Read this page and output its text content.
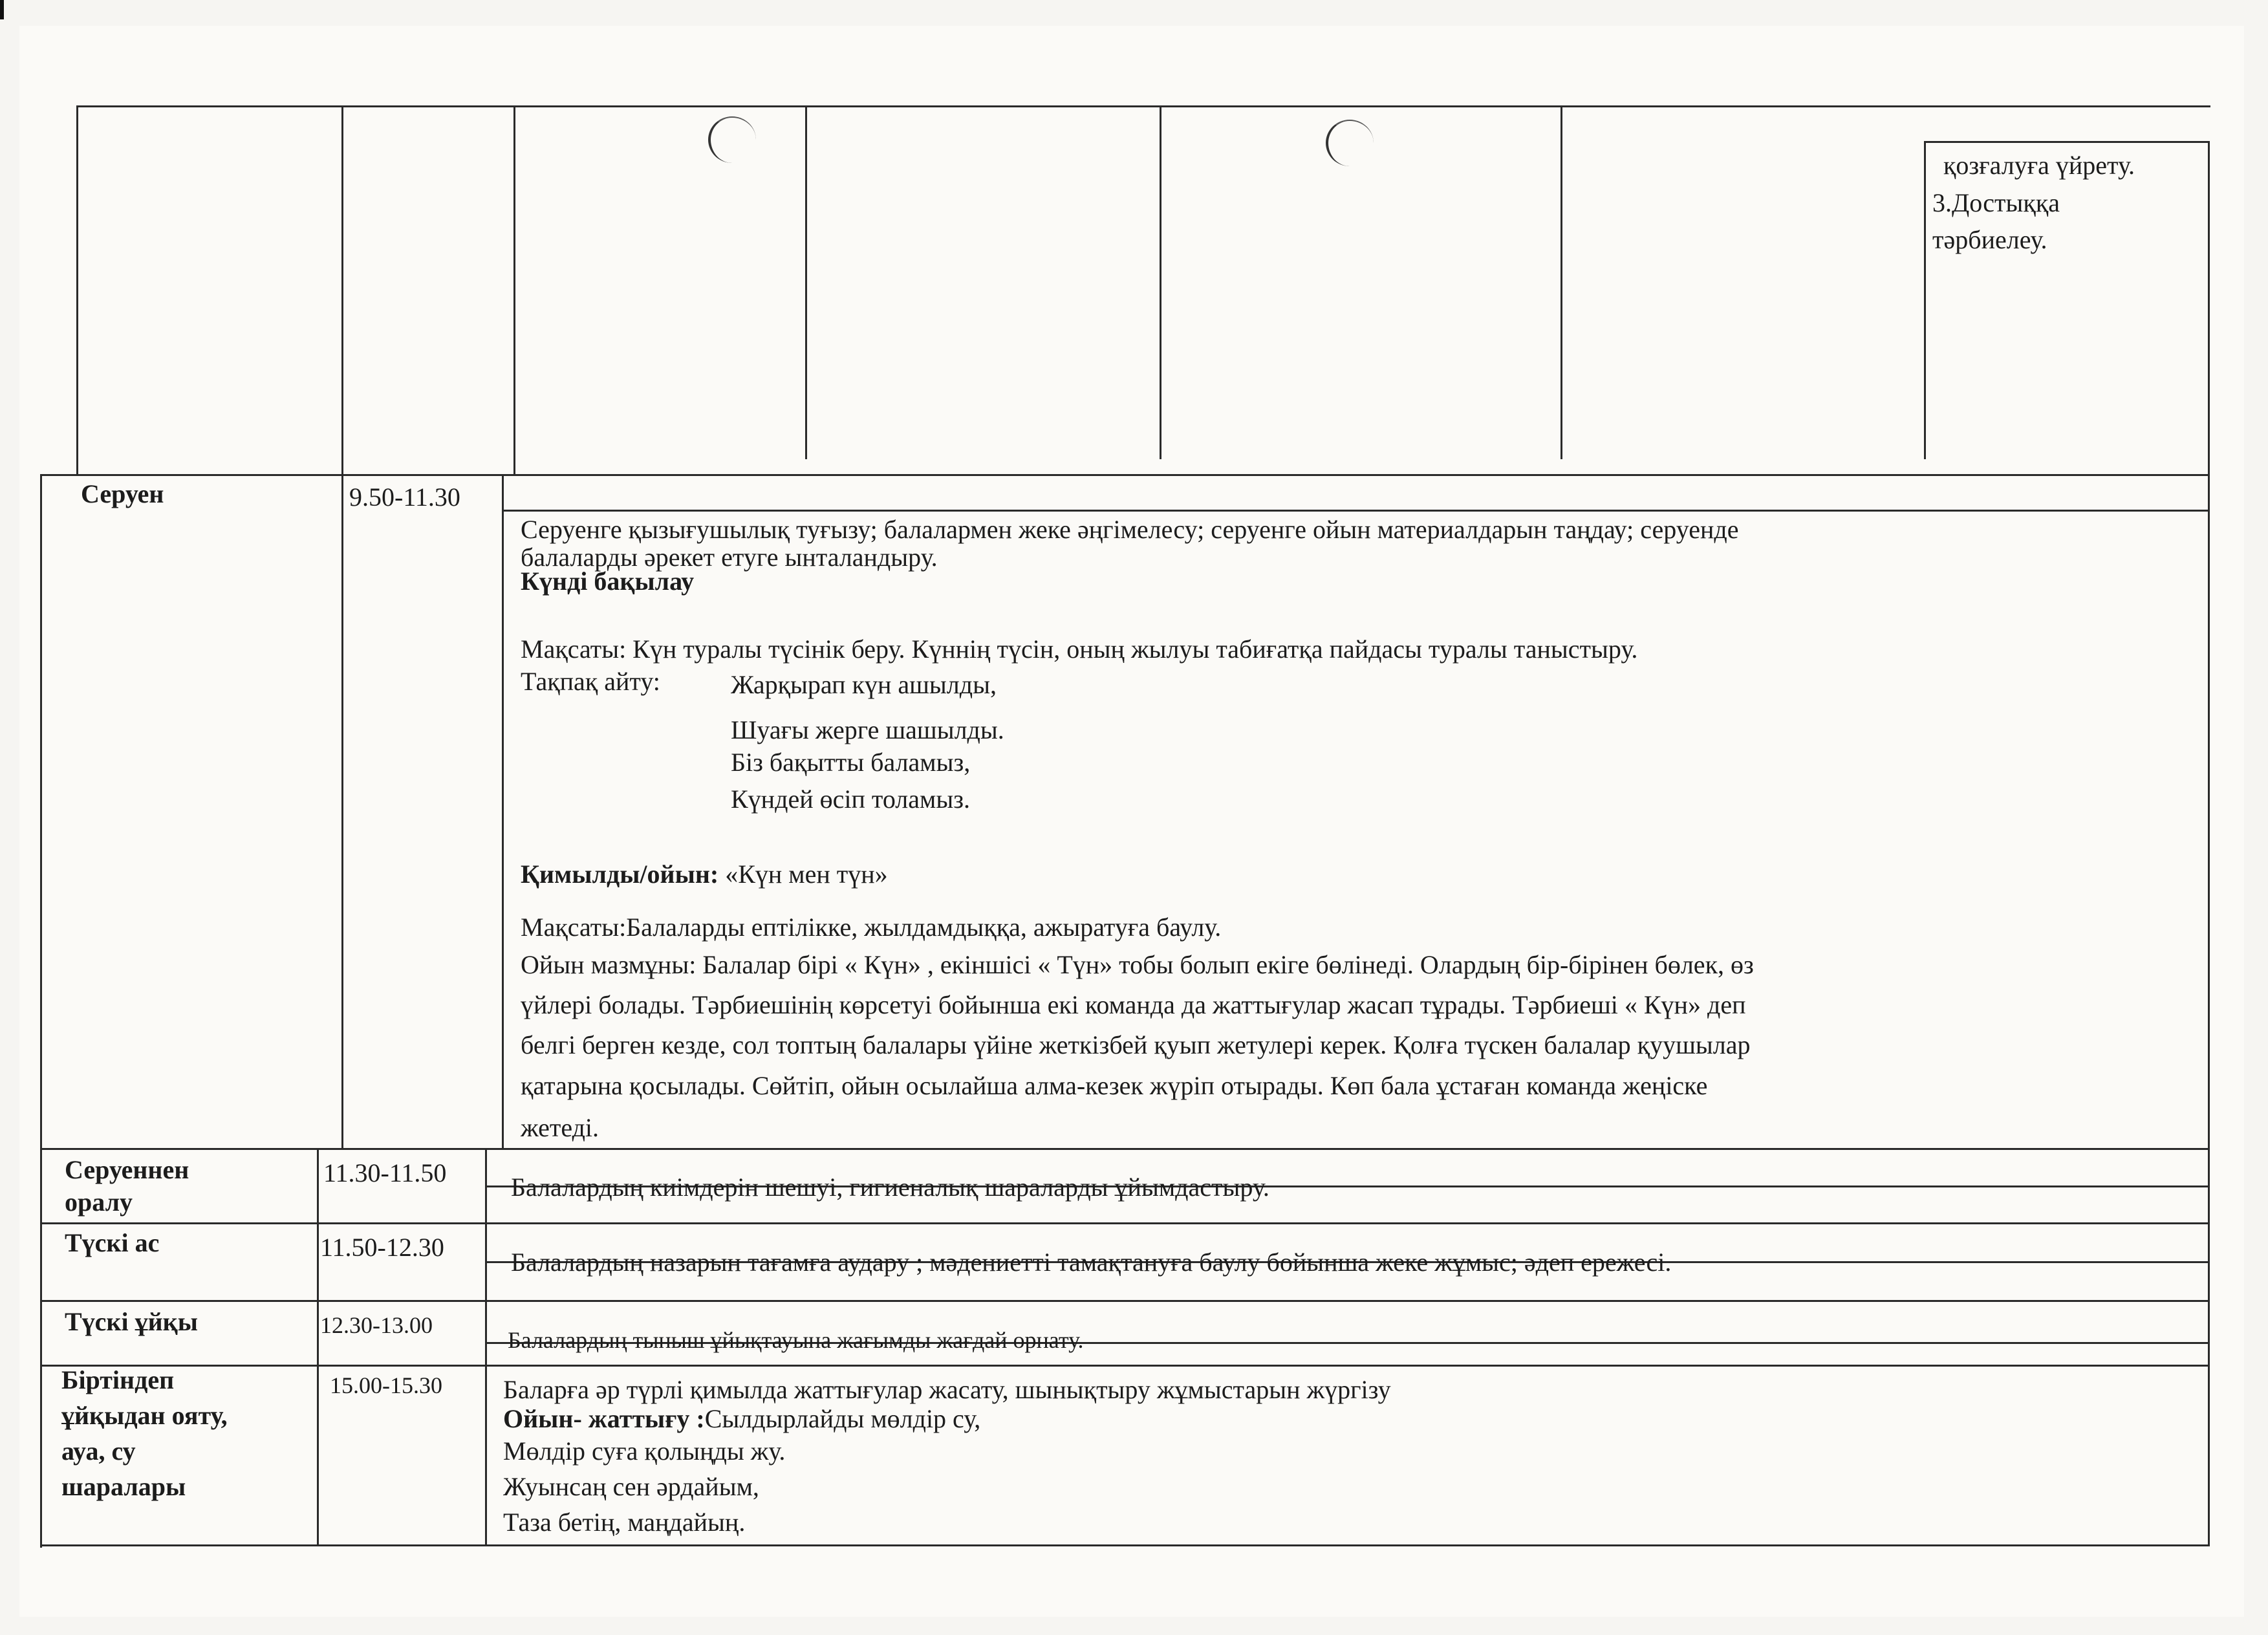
қозғалуға үйрету.
3.Достыққа
тәрбиелеу.
Серуен	9.50-11.30
Серуенге қызығушылық туғызу; балалармен жеке әңгімелесу; серуенге ойын материалдарын таңдау; серуенде
балаларды әрекет етуге ынталандыру.
Күнді бақылау
Мақсаты: Күн туралы түсінік беру. Күннің түсін, оның жылуы табиғатқа пайдасы туралы таныстыру.
Тақпақ айту:	Жарқырап күн ашылды,
Шуағы жерге шашылды.
Біз бақытты баламыз,
Күндей өсіп толамыз.
Қимылды/ойын: «Күн мен түн»
Мақсаты:Балаларды ептілікке, жылдамдыққа, ажыратуға баулу.
Ойын мазмұны: Балалар бірі « Күн» , екіншісі « Түн» тобы болып екіге бөлінеді. Олардың бір-бірінен бөлек, өз
үйлері болады. Тәрбиешінің көрсетуі бойынша екі команда да жаттығулар жасап тұрады. Тәрбиеші « Күн» деп
белгі берген кезде, сол топтың балалары үйіне жеткізбей қуып жетулері керек. Қолға түскен балалар қуушылар
қатарына қосылады. Сөйтіп, ойын осылайша алма-кезек жүріп отырады. Көп бала ұстаған команда жеңіске
жетеді.
Серуеннен
оралу
11.30-11.50 Балалардың киімдерін шешуі, гигиеналық шараларды ұйымдастыру.
Түскі ас	11.50-12.30
Балалардың назарын тағамға аудару ; мәдениетті тамақтануға баулу бойынша жеке жұмыс; әдеп ережесі.
Түскі ұйқы	12.30-13.00
Балалардың тыныш ұйықтауына жағымды жағдай орнату.
Біртіндеп
ұйқыдан ояту,
ауа, су
шаралары
15.00-15.30 Баларға әр түрлі қимылда жаттығулар жасату, шынықтыру жұмыстарын жүргізу
Ойын- жаттығу :Сылдырлайды мөлдір су,
Мөлдір суға қолыңды жу.
Жуынсаң сен әрдайым,
Таза бетің, маңдайың.
